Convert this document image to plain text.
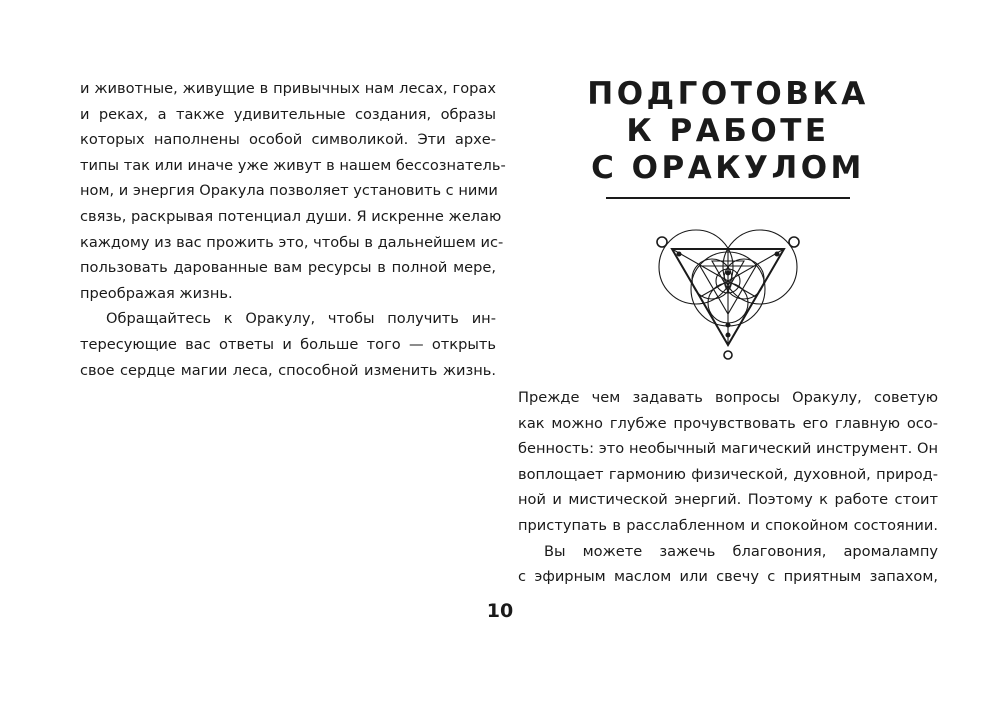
и животные, живущие в привычных нам лесах, горах
и реках, а также удивительные создания, образы
которых наполнены особой символикой. Эти архе-
типы так или иначе уже живут в нашем бессознатель-
ном, и энергия Оракула позволяет установить с ними
связь, раскрывая потенциал души. Я искренне желаю
каждому из вас прожить это, чтобы в дальнейшем ис-
пользовать дарованные вам ресурсы в полной мере,
преображая жизнь.
Обращайтесь к Оракулу, чтобы получить ин-
тересующие вас ответы и больше того — открыть
свое сердце магии леса, способной изменить жизнь.
ПОДГОТОВКА
К РАБОТЕ
С ОРАКУЛОМ
Прежде чем задавать вопросы Оракулу, советую
как можно глубже прочувствовать его главную осо-
бенность: это необычный магический инструмент. Он
воплощает гармонию физической, духовной, природ-
ной и мистической энергий. Поэтому к работе стоит
приступать в расслабленном и спокойном состоянии.
Вы можете зажечь благовония, аромалампу
с эфирным маслом или свечу с приятным запахом,
10
